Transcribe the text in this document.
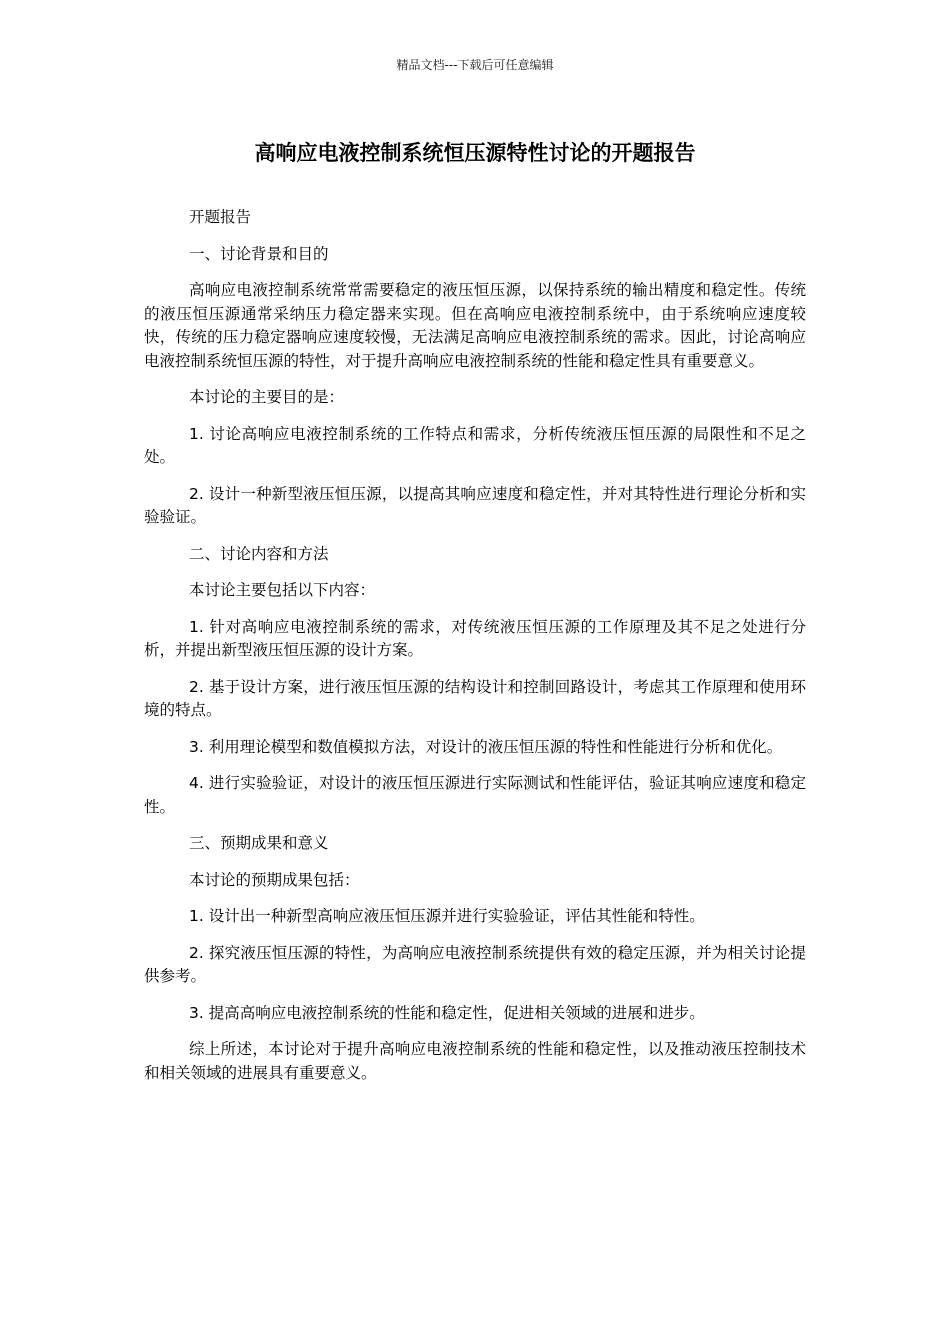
精品文档---下载后可任意编辑
高响应电液控制系统恒压源特性讨论的开题报告

开题报告

一、讨论背景和目的

高响应电液控制系统常常需要稳定的液压恒压源，以保持系统的输出精度和稳定性。传统的液压恒压源通常采纳压力稳定器来实现。但在高响应电液控制系统中，由于系统响应速度较快，传统的压力稳定器响应速度较慢，无法满足高响应电液控制系统的需求。因此，讨论高响应电液控制系统恒压源的特性，对于提升高响应电液控制系统的性能和稳定性具有重要意义。

本讨论的主要目的是：

1. 讨论高响应电液控制系统的工作特点和需求，分析传统液压恒压源的局限性和不足之处。

2. 设计一种新型液压恒压源，以提高其响应速度和稳定性，并对其特性进行理论分析和实验验证。

二、讨论内容和方法

本讨论主要包括以下内容：

1. 针对高响应电液控制系统的需求，对传统液压恒压源的工作原理及其不足之处进行分析，并提出新型液压恒压源的设计方案。

2. 基于设计方案，进行液压恒压源的结构设计和控制回路设计，考虑其工作原理和使用环境的特点。

3. 利用理论模型和数值模拟方法，对设计的液压恒压源的特性和性能进行分析和优化。

4. 进行实验验证，对设计的液压恒压源进行实际测试和性能评估，验证其响应速度和稳定性。

三、预期成果和意义

本讨论的预期成果包括：

1. 设计出一种新型高响应液压恒压源并进行实验验证，评估其性能和特性。

2. 探究液压恒压源的特性，为高响应电液控制系统提供有效的稳定压源，并为相关讨论提供参考。

3. 提高高响应电液控制系统的性能和稳定性，促进相关领域的进展和进步。

综上所述，本讨论对于提升高响应电液控制系统的性能和稳定性，以及推动液压控制技术和相关领域的进展具有重要意义。
